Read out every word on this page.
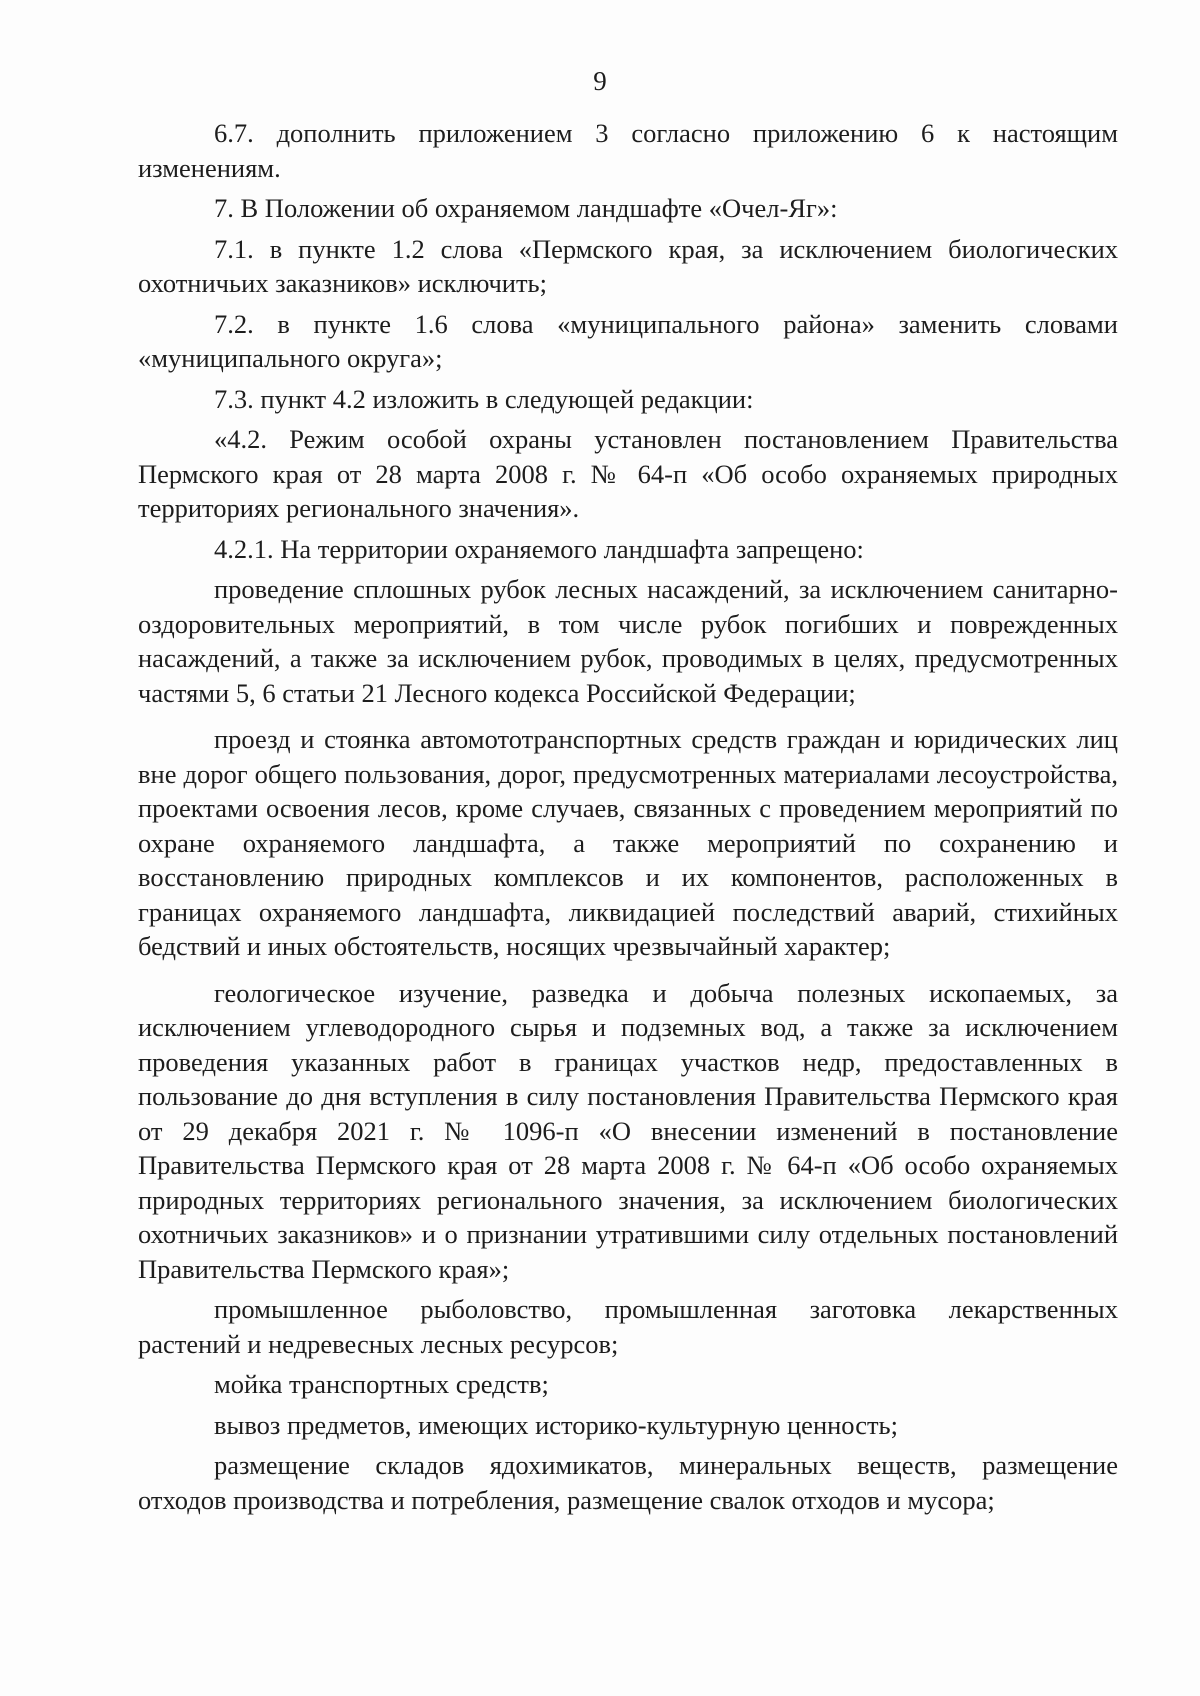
9

6.7. дополнить приложением 3 согласно приложению 6 к настоящим изменениям.

7. В Положении об охраняемом ландшафте «Очел-Яг»:

7.1. в пункте 1.2 слова «Пермского края, за исключением биологических охотничьих заказников» исключить;

7.2. в пункте 1.6 слова «муниципального района» заменить словами «муниципального округа»;

7.3. пункт 4.2 изложить в следующей редакции:

«4.2. Режим особой охраны установлен постановлением Правительства Пермского края от 28 марта 2008 г. № 64-п «Об особо охраняемых природных территориях регионального значения».

4.2.1. На территории охраняемого ландшафта запрещено:

проведение сплошных рубок лесных насаждений, за исключением санитарно-оздоровительных мероприятий, в том числе рубок погибших и поврежденных насаждений, а также за исключением рубок, проводимых в целях, предусмотренных частями 5, 6 статьи 21 Лесного кодекса Российской Федерации;

проезд и стоянка автомототранспортных средств граждан и юридических лиц вне дорог общего пользования, дорог, предусмотренных материалами лесоустройства, проектами освоения лесов, кроме случаев, связанных с проведением мероприятий по охране охраняемого ландшафта, а также мероприятий по сохранению и восстановлению природных комплексов и их компонентов, расположенных в границах охраняемого ландшафта, ликвидацией последствий аварий, стихийных бедствий и иных обстоятельств, носящих чрезвычайный характер;

геологическое изучение, разведка и добыча полезных ископаемых, за исключением углеводородного сырья и подземных вод, а также за исключением проведения указанных работ в границах участков недр, предоставленных в пользование до дня вступления в силу постановления Правительства Пермского края от 29 декабря 2021 г. № 1096-п «О внесении изменений в постановление Правительства Пермского края от 28 марта 2008 г. № 64-п «Об особо охраняемых природных территориях регионального значения, за исключением биологических охотничьих заказников» и о признании утратившими силу отдельных постановлений Правительства Пермского края»;

промышленное рыболовство, промышленная заготовка лекарственных растений и недревесных лесных ресурсов;

мойка транспортных средств;

вывоз предметов, имеющих историко-культурную ценность;

размещение складов ядохимикатов, минеральных веществ, размещение отходов производства и потребления, размещение свалок отходов и мусора;
